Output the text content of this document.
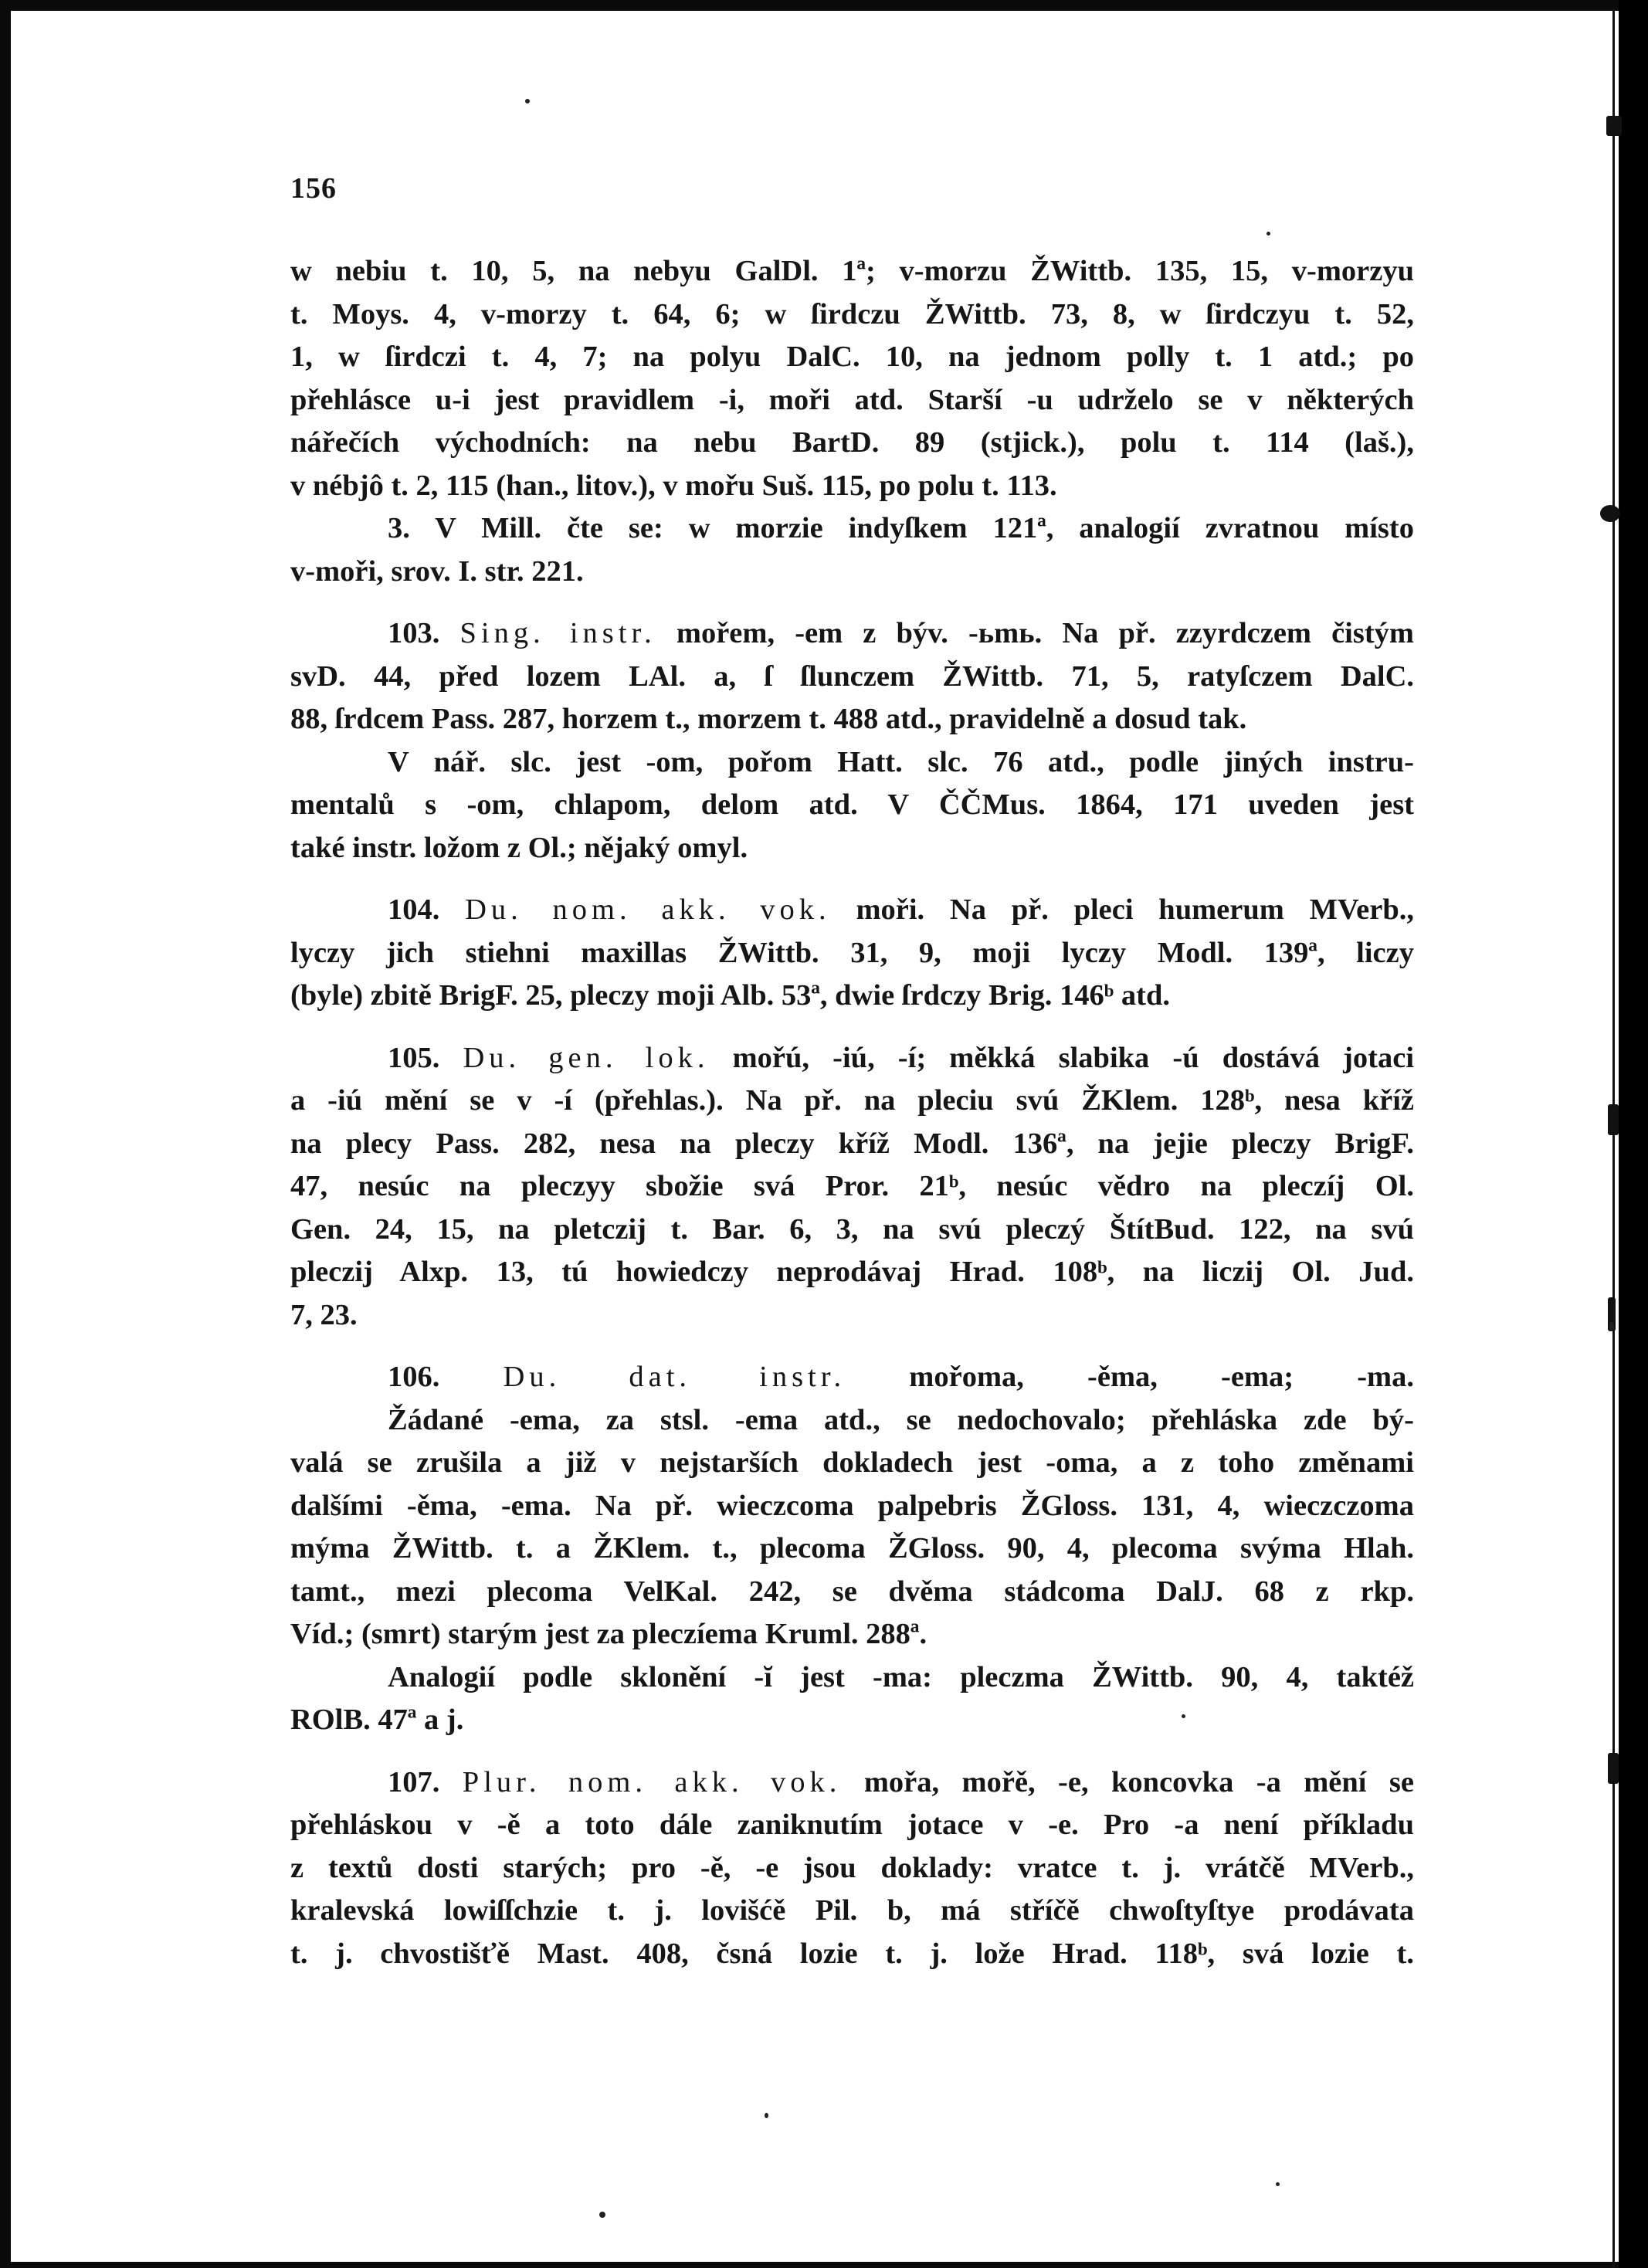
156
w nebiu t. 10, 5, na nebyu GalDl. 1ª; v-morzu ŽWittb. 135, 15, v-morzyu
t. Moys. 4, v-morzy t. 64, 6; w ſirdczu ŽWittb. 73, 8, w ſirdczyu t. 52,
1, w ſirdczi t. 4, 7; na polyu DalC. 10, na jednom polly t. 1 atd.; po
přehlásce u-i jest pravidlem -i, moři atd. Starší -u udrželo se v některých
nářečích východních: na nebu BartD. 89 (stjick.), polu t. 114 (laš.),
v nébjô t. 2, 115 (han., litov.), v mořu Suš. 115, po polu t. 113.
3. V Mill. čte se: w morzie indyſkem 121ª, analogií zvratnou místo
v-moři, srov. I. str. 221.
103. Sing. instr. mořem, -em z býv. -ьmь. Na př. zzyrdczem čistým
svD. 44, před lozem LAl. a, ſ ſlunczem ŽWittb. 71, 5, ratyſczem DalC.
88, ſrdcem Pass. 287, horzem t., morzem t. 488 atd., pravidelně a dosud tak.
V nář. slc. jest -om, pořom Hatt. slc. 76 atd., podle jiných instru-
mentalů s -om, chlapom, delom atd. V ČČMus. 1864, 171 uveden jest
také instr. ložom z Ol.; nějaký omyl.
104. Du. nom. akk. vok. moři. Na př. pleci humerum MVerb.,
lyczy jich stiehni maxillas ŽWittb. 31, 9, moji lyczy Modl. 139ª, liczy
(byle) zbitě BrigF. 25, pleczy moji Alb. 53ª, dwie ſrdczy Brig. 146ᵇ atd.
105. Du. gen. lok. mořú, -iú, -í; měkká slabika -ú dostává jotaci
a -iú mění se v -í (přehlas.). Na př. na pleciu svú ŽKlem. 128ᵇ, nesa kříž
na plecy Pass. 282, nesa na pleczy kříž Modl. 136ª, na jejie pleczy BrigF.
47, nesúc na pleczyy sbožie svá Pror. 21ᵇ, nesúc vědro na pleczíj Ol.
Gen. 24, 15, na pletczij t. Bar. 6, 3, na svú pleczý ŠtítBud. 122, na svú
pleczij Alxp. 13, tú howiedczy neprodávaj Hrad. 108ᵇ, na liczij Ol. Jud.
7, 23.
106. Du. dat. instr. mořoma, -ěma, -ema; -ma.
Žádané -ema, za stsl. -ema atd., se nedochovalo; přehláska zde bý-
valá se zrušila a již v nejstarších dokladech jest -oma, a z toho změnami
dalšími -ěma, -ema. Na př. wieczcoma palpebris ŽGloss. 131, 4, wieczczoma
mýma ŽWittb. t. a ŽKlem. t., plecoma ŽGloss. 90, 4, plecoma svýma Hlah.
tamt., mezi plecoma VelKal. 242, se dvěma stádcoma DalJ. 68 z rkp.
Víd.; (smrt) starým jest za pleczíema Kruml. 288ª.
Analogií podle sklonění -ĭ jest -ma: pleczma ŽWittb. 90, 4, taktéž
ROlB. 47ª a j.
107. Plur. nom. akk. vok. mořa, mořě, -e, koncovka -a mění se
přehláskou v -ě a toto dále zaniknutím jotace v -e. Pro -a není příkladu
z textů dosti starých; pro -ě, -e jsou doklady: vratce t. j. vrátčě MVerb.,
kralevská lowiſſchzie t. j. lovišćě Pil. b, má stříčě chwoſtyſtye prodávata
t. j. chvostišťě Mast. 408, čsná lozie t. j. lože Hrad. 118ᵇ, svá lozie t.
